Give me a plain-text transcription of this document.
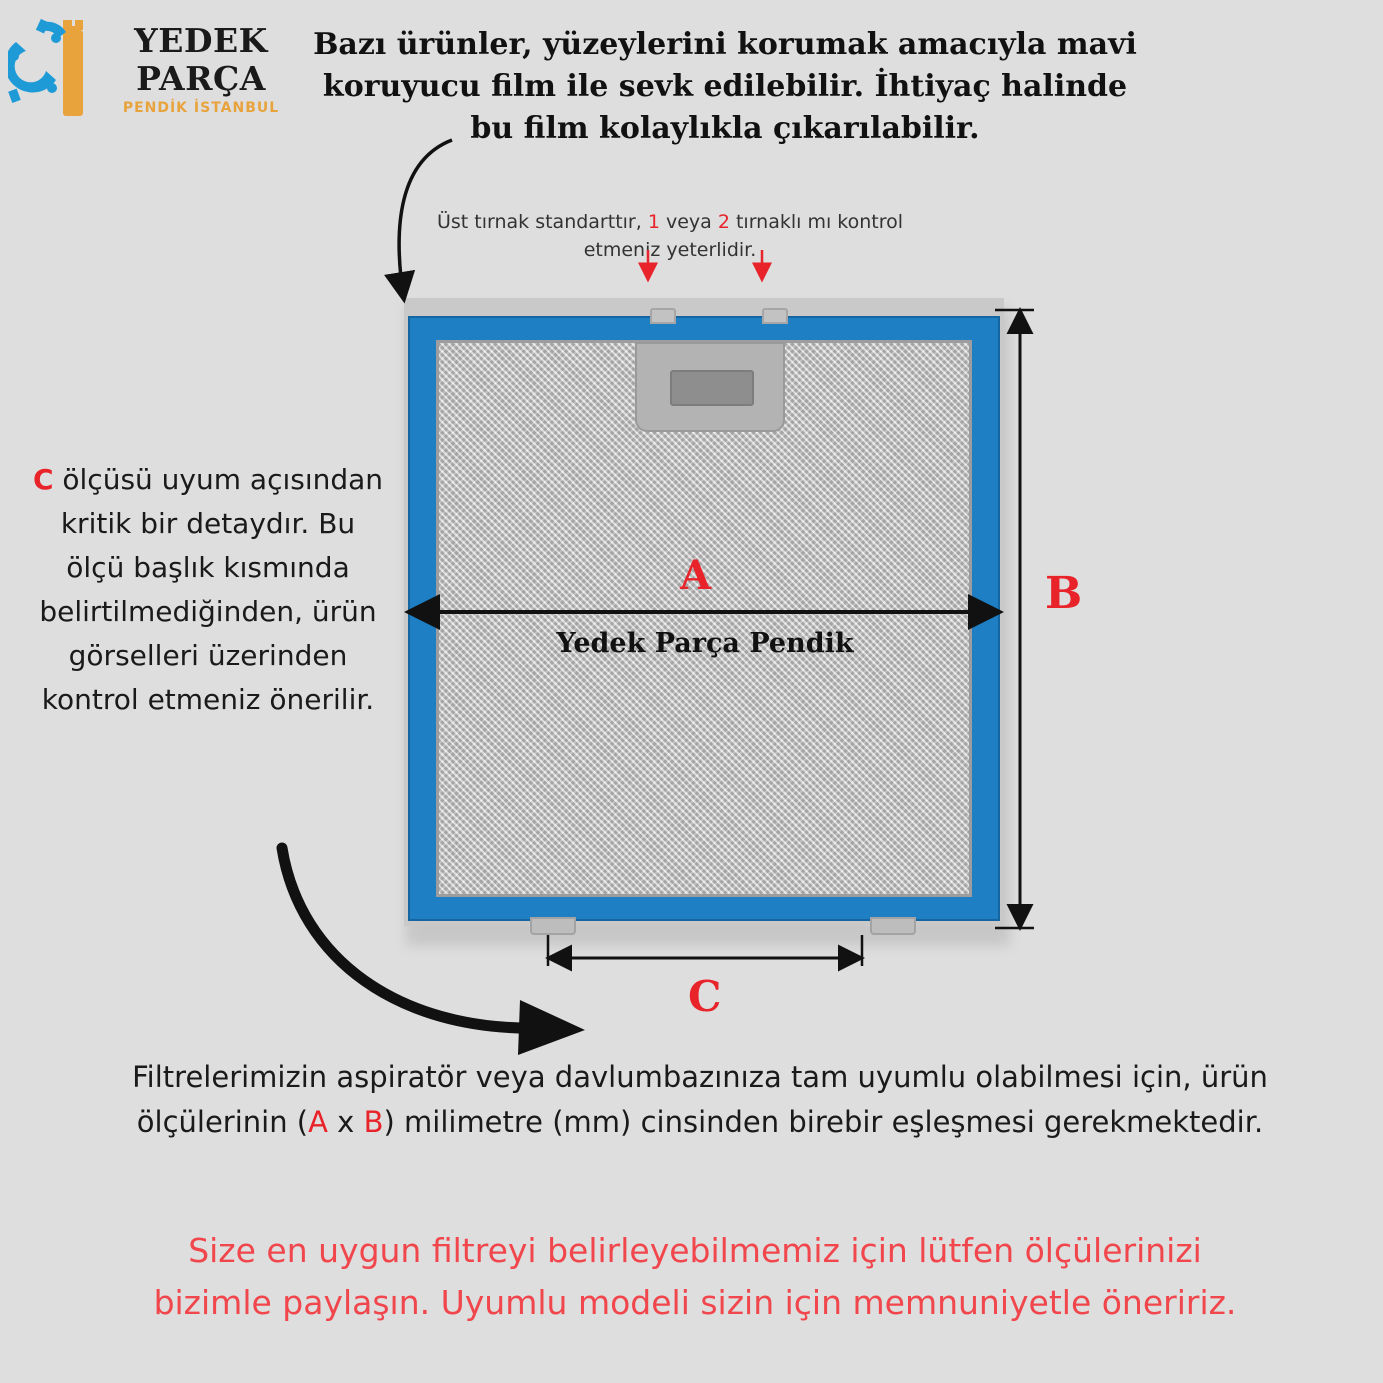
YEDEK
PARÇA
PENDİK İSTANBUL
Bazı ürünler, yüzeylerini korumak amacıyla mavi koruyucu film ile sevk edilebilir. İhtiyaç halinde bu film kolaylıkla çıkarılabilir.
Üst tırnak standarttır, 1 veya 2 tırnaklı mı kontrol etmeniz yeterlidir.
C ölçüsü uyum açısından kritik bir detaydır. Bu ölçü başlık kısmında belirtilmediğinden, ürün görselleri üzerinden kontrol etmeniz önerilir.
Yedek Parça Pendik
A	B
C
Filtrelerimizin aspiratör veya davlumbazınıza tam uyumlu olabilmesi için, ürün ölçülerinin (A x B) milimetre (mm) cinsinden birebir eşleşmesi gerekmektedir.
Size en uygun filtreyi belirleyebilmemiz için lütfen ölçülerinizi bizimle paylaşın. Uyumlu modeli sizin için memnuniyetle öneririz.
